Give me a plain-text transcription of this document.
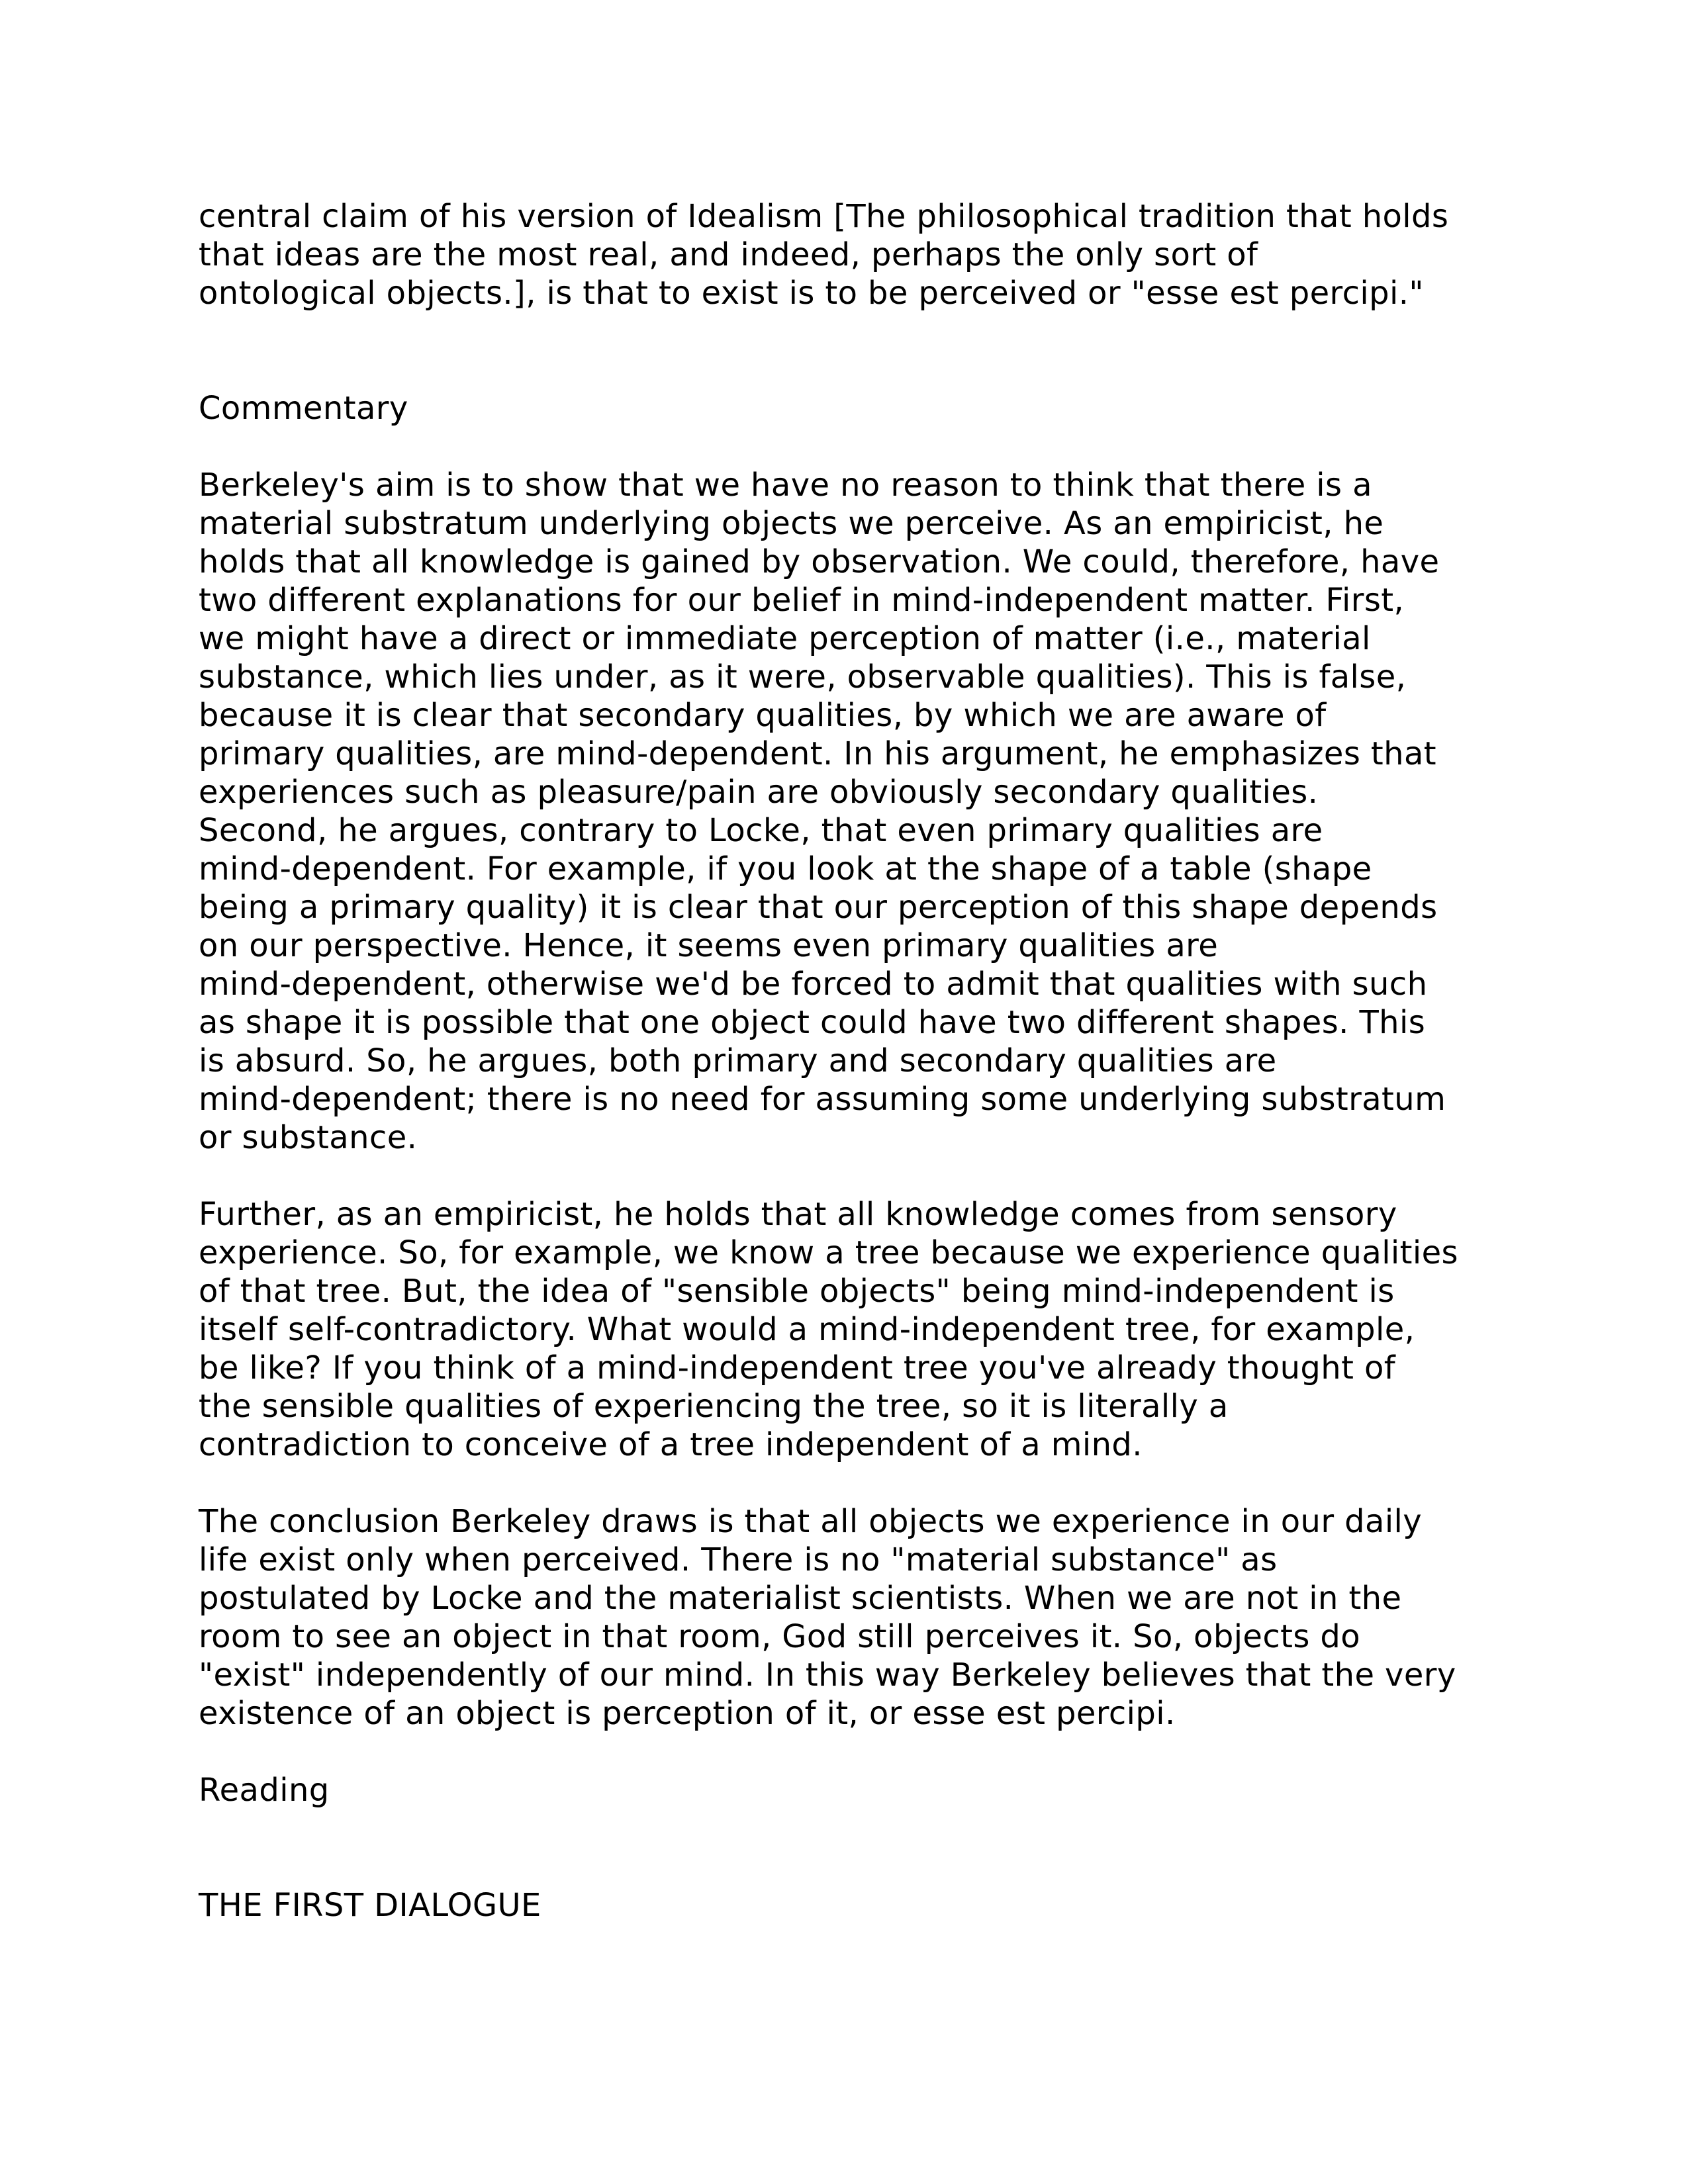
central claim of his version of Idealism [The philosophical tradition that holds
that ideas are the most real, and indeed, perhaps the only sort of
ontological objects.], is that to exist is to be perceived or "esse est percipi."
Commentary
Berkeley's aim is to show that we have no reason to think that there is a
material substratum underlying objects we perceive. As an empiricist, he
holds that all knowledge is gained by observation. We could, therefore, have
two different explanations for our belief in mind-independent matter. First,
we might have a direct or immediate perception of matter (i.e., material
substance, which lies under, as it were, observable qualities). This is false,
because it is clear that secondary qualities, by which we are aware of
primary qualities, are mind-dependent. In his argument, he emphasizes that
experiences such as pleasure/pain are obviously secondary qualities.
Second, he argues, contrary to Locke, that even primary qualities are
mind-dependent. For example, if you look at the shape of a table (shape
being a primary quality) it is clear that our perception of this shape depends
on our perspective. Hence, it seems even primary qualities are
mind-dependent, otherwise we'd be forced to admit that qualities with such
as shape it is possible that one object could have two different shapes. This
is absurd. So, he argues, both primary and secondary qualities are
mind-dependent; there is no need for assuming some underlying substratum
or substance.
Further, as an empiricist, he holds that all knowledge comes from sensory
experience. So, for example, we know a tree because we experience qualities
of that tree. But, the idea of "sensible objects" being mind-independent is
itself self-contradictory. What would a mind-independent tree, for example,
be like? If you think of a mind-independent tree you've already thought of
the sensible qualities of experiencing the tree, so it is literally a
contradiction to conceive of a tree independent of a mind.
The conclusion Berkeley draws is that all objects we experience in our daily
life exist only when perceived. There is no "material substance" as
postulated by Locke and the materialist scientists. When we are not in the
room to see an object in that room, God still perceives it. So, objects do
"exist" independently of our mind. In this way Berkeley believes that the very
existence of an object is perception of it, or esse est percipi.
Reading
THE FIRST DIALOGUE
